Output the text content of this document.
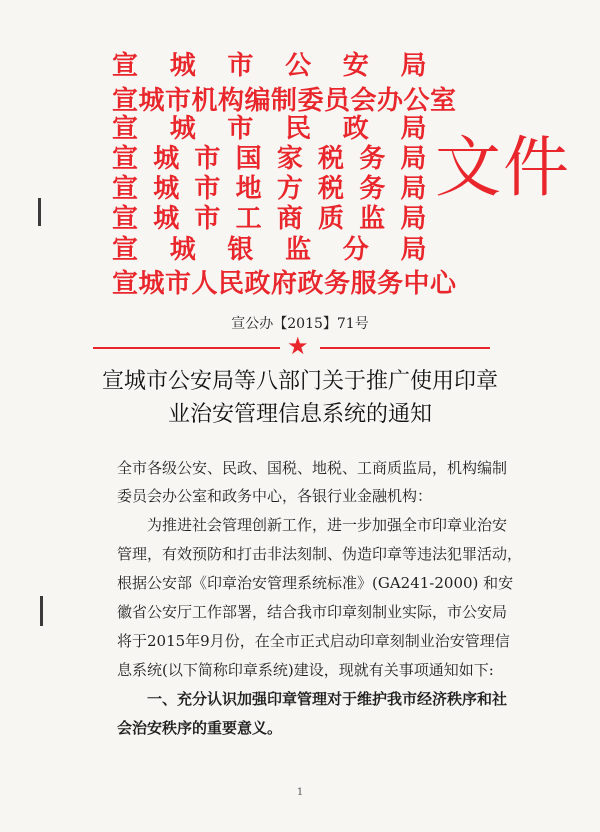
宣 城 市 公 安 局
宣城市机构编制委员会办公室
宣 城 市 民 政 局
宣 城 市 国 家 税 务 局
宣 城 市 地 方 税 务 局
宣 城 市 工 商 质 监 局
宣 城 银 监 分 局
宣城市人民政府政务服务中心
文件
宣公办【2015】71号
★
宣城市公安局等八部门关于推广使用印章
业治安管理信息系统的通知
全市各级公安、民政、国税、地税、工商质监局，机构编制
委员会办公室和政务中心，各银行业金融机构：
为推进社会管理创新工作，进一步加强全市印章业治安
管理，有效预防和打击非法刻制、伪造印章等违法犯罪活动，
根据公安部《印章治安管理系统标准》(GA241-2000) 和安
徽省公安厅工作部署，结合我市印章刻制业实际，市公安局
将于2015年9月份，在全市正式启动印章刻制业治安管理信
息系统(以下简称印章系统)建设，现就有关事项通知如下:
一、充分认识加强印章管理对于维护我市经济秩序和社
会治安秩序的重要意义。
1
